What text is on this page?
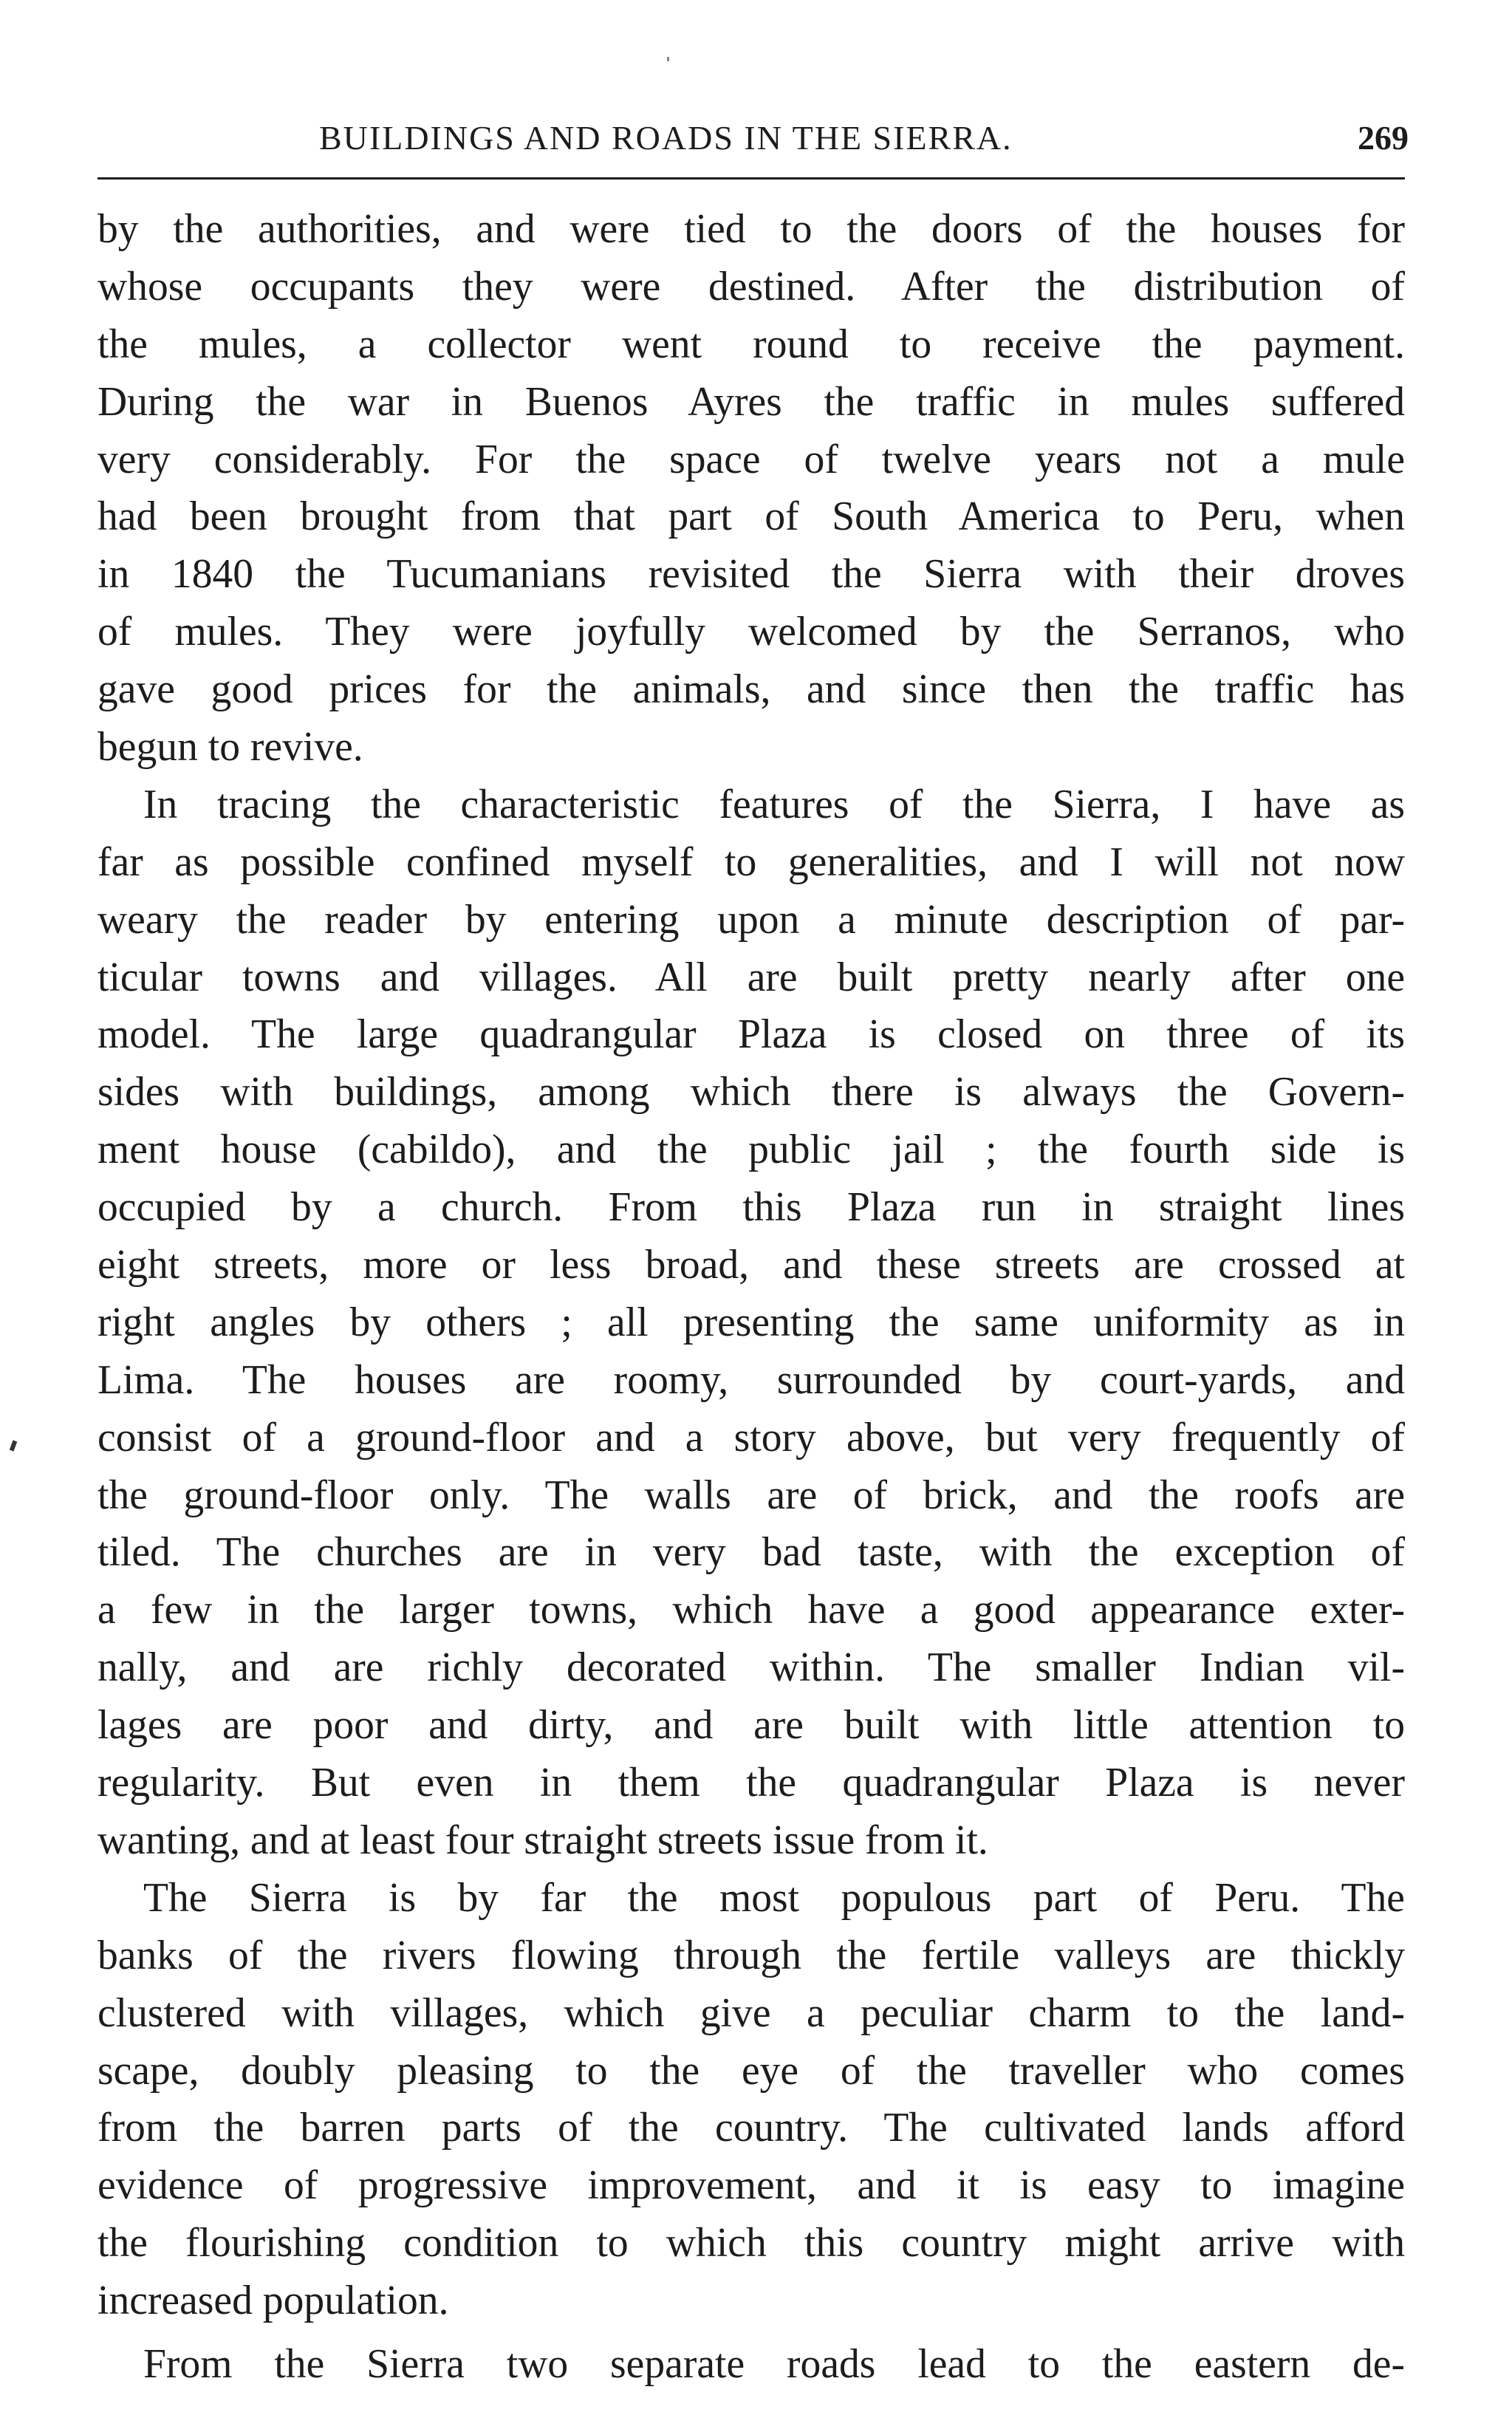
BUILDINGS AND ROADS IN THE SIERRA.	269
by the authorities, and were tied to the doors of the houses for
whose occupants they were destined. After the distribution of
the mules, a collector went round to receive the payment.
During the war in Buenos Ayres the traffic in mules suffered
very considerably. For the space of twelve years not a mule
had been brought from that part of South America to Peru, when
in 1840 the Tucumanians revisited the Sierra with their droves
of mules. They were joyfully welcomed by the Serranos, who
gave good prices for the animals, and since then the traffic has
begun to revive.
In tracing the characteristic features of the Sierra, I have as
far as possible confined myself to generalities, and I will not now
weary the reader by entering upon a minute description of par-
ticular towns and villages. All are built pretty nearly after one
model. The large quadrangular Plaza is closed on three of its
sides with buildings, among which there is always the Govern-
ment house (cabildo), and the public jail ; the fourth side is
occupied by a church. From this Plaza run in straight lines
eight streets, more or less broad, and these streets are crossed at
right angles by others ; all presenting the same uniformity as in
Lima. The houses are roomy, surrounded by court-yards, and
consist of a ground-floor and a story above, but very frequently of
the ground-floor only. The walls are of brick, and the roofs are
tiled. The churches are in very bad taste, with the exception of
a few in the larger towns, which have a good appearance exter-
nally, and are richly decorated within. The smaller Indian vil-
lages are poor and dirty, and are built with little attention to
regularity. But even in them the quadrangular Plaza is never
wanting, and at least four straight streets issue from it.
The Sierra is by far the most populous part of Peru. The
banks of the rivers flowing through the fertile valleys are thickly
clustered with villages, which give a peculiar charm to the land-
scape, doubly pleasing to the eye of the traveller who comes
from the barren parts of the country. The cultivated lands afford
evidence of progressive improvement, and it is easy to imagine
the flourishing condition to which this country might arrive with
increased population.
From the Sierra two separate roads lead to the eastern de-
